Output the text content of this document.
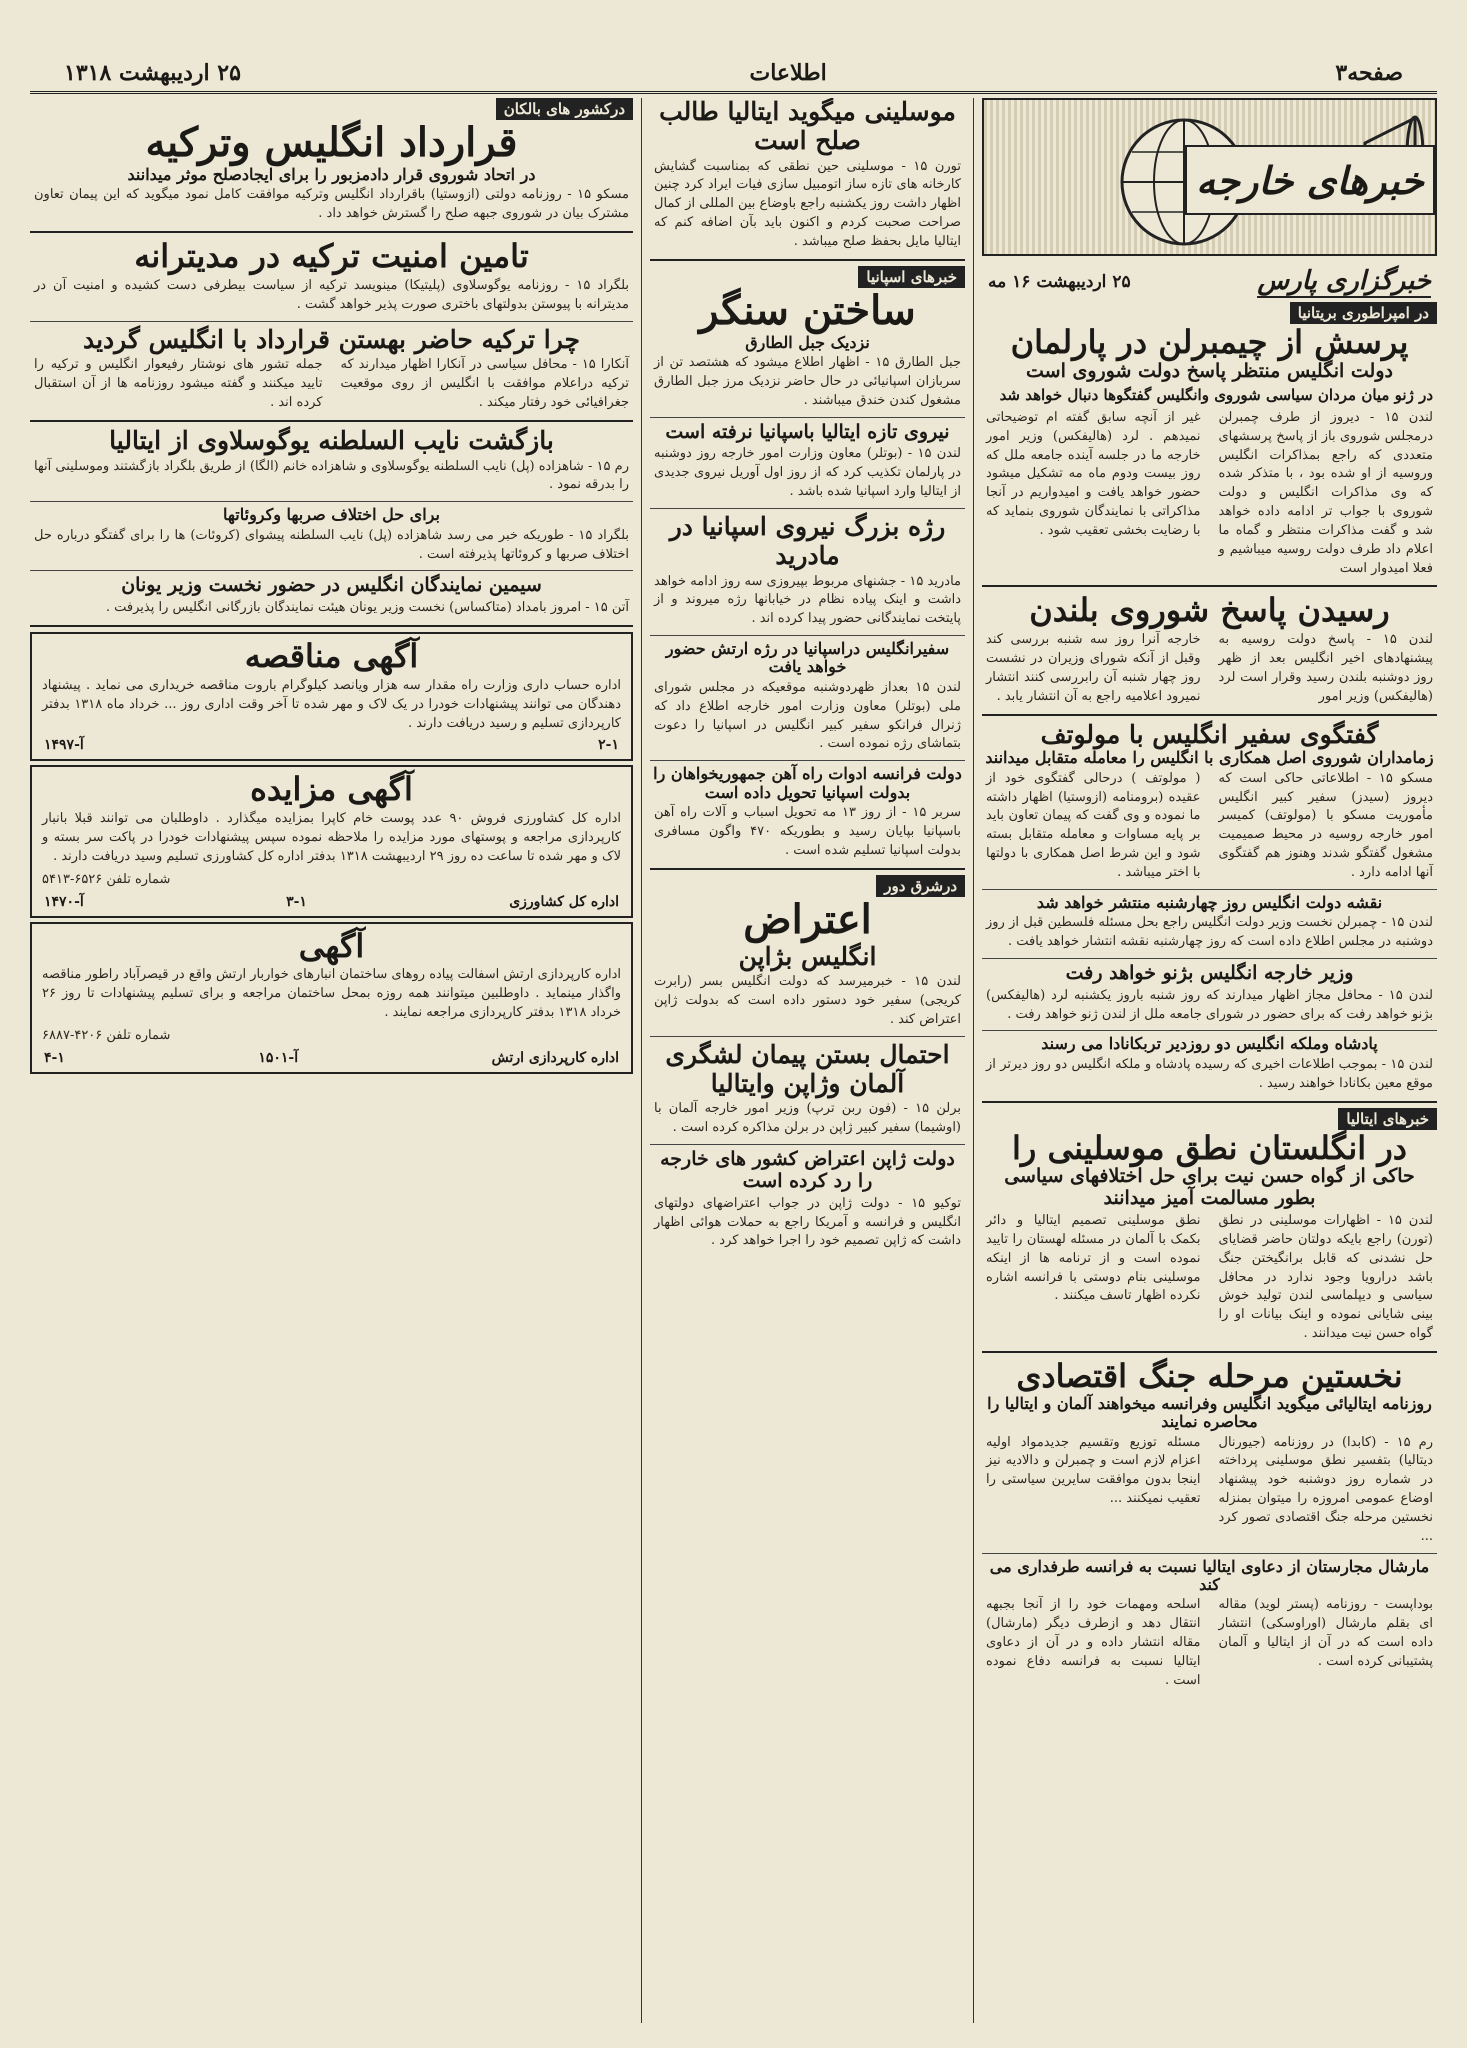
صفحه۳
اطلاعات
۲۵ اردیبهشت ۱۳۱۸
خبرهای خارجه
خبرگزاری پارس
۲۵ اردیبهشت ۱۶ مه
در امپراطوری بریتانیا
پرسش از چیمبرلن در پارلمان
دولت انگلیس منتظر پاسخ دولت شوروی است
در ژنو میان مردان سیاسی شوروی وانگلیس گفتگوها دنبال خواهد شد
لندن ۱۵ - دیروز از طرف چمبرلن درمجلس شوروی باز از پاسخ پرسشهای متعددی که راجع بمذاکرات انگلیس وروسیه از او شده بود ، با متذکر شده که وی مذاکرات انگلیس و دولت شوروی با جواب تر ادامه داده خواهد شد و گفت مذاکرات منتظر و گماه ما اعلام داد طرف دولت روسیه میباشیم و فعلا امیدوار است
غیر از آنچه سابق گفته ام توضیحاتی نمیدهم . لرد (هالیفکس) وزیر امور خارجه ما در جلسه آینده جامعه ملل که روز بیست ودوم ماه مه تشکیل میشود حضور خواهد یافت و امیدواریم در آنجا مذاکراتی با نمایندگان شوروی بنماید که با رضایت بخشی تعقیب شود .
رسیدن پاسخ شوروی بلندن
لندن ۱۵ - پاسخ دولت روسیه به پیشنهادهای اخیر انگلیس بعد از ظهر روز دوشنبه بلندن رسید وقرار است لرد (هالیفکس) وزیر امور
خارجه آنرا روز سه شنبه بررسی کند وقبل از آنکه شورای وزیران در نشست روز چهار شنبه آن رابررسی کنند انتشار نمیرود اعلامیه راجع به آن انتشار یابد .
گفتگوی سفیر انگلیس با مولوتف
زمامداران شوروی اصل همکاری با انگلیس را معامله متقابل میدانند
مسکو ۱۵ - اطلاعاتی حاکی است که دیروز (سیدز) سفیر کبیر انگلیس مأموریت مسکو با (مولوتف) کمیسر امور خارجه روسیه در محیط صمیمیت مشغول گفتگو شدند وهنوز هم گفتگوی آنها ادامه دارد .
( مولوتف ) درحالی گفتگوی خود از عقیده (برومنامه (ازوستیا) اظهار داشته ما نموده و وی گفت که پیمان تعاون باید بر پایه مساوات و معامله متقابل بسته شود و این شرط اصل همکاری با دولتها با اختر میباشد .
نقشه دولت انگلیس روز چهارشنبه منتشر خواهد شد
لندن ۱۵ - چمبرلن نخست وزیر دولت انگلیس راجع بحل مسئله فلسطین قبل از روز دوشنبه در مجلس اطلاع داده است که روز چهارشنبه نقشه انتشار خواهد یافت .
وزیر خارجه انگلیس بژنو خواهد رفت
لندن ۱۵ - محافل مجاز اظهار میدارند که روز شنبه باروز یکشنبه لرد (هالیفکس) بژنو خواهد رفت که برای حضور در شورای جامعه ملل از لندن ژنو خواهد رفت .
پادشاه وملکه انگلیس دو روزدیر تربکانادا می رسند
لندن ۱۵ - بموجب اطلاعات اخیری که رسیده پادشاه و ملکه انگلیس دو روز دیرتر از موقع معین بکانادا خواهند رسید .
خبرهای ایتالیا
در انگلستان نطق موسلینی را
حاکی از گواه حسن نیت برای حل اختلافهای سیاسی بطور مسالمت آمیز میدانند
لندن ۱۵ - اظهارات موسلینی در نطق (تورن) راجع بایکه دولتان حاضر قضایای حل نشدنی که قابل برانگیختن جنگ باشد درارویا وجود ندارد در محافل سیاسی و دیپلماسی لندن تولید خوش بینی شایانی نموده و اینک بیانات او را گواه حسن نیت میدانند .
نطق موسلینی تصمیم ایتالیا و دائر بکمک با آلمان در مسئله لهستان را تایید نموده است و از ترنامه ها از اینکه موسلینی بنام دوستی با فرانسه اشاره نکرده اظهار تاسف میکنند .
نخستین مرحله جنگ اقتصادی
روزنامه ایتالیائی میگوید انگلیس وفرانسه میخواهند آلمان و ایتالیا را محاصره نمایند
رم ۱۵ - (کابدا) در روزنامه (جیورنال دیتالیا) بتفسیر نطق موسلینی پرداخته در شماره روز دوشنبه خود پیشنهاد اوضاع عمومی امروزه را میتوان بمنزله نخستین مرحله جنگ اقتصادی تصور کرد ...
مسئله توزیع وتقسیم جدیدمواد اولیه اعزام لازم است و چمبرلن و دالادیه نیز اینجا بدون موافقت سایرین سیاستی را تعقیب نمیکنند ...
مارشال مجارستان از دعاوی ایتالیا نسبت به فرانسه طرفداری می کند
بوداپست - روزنامه (پستر لوید) مقاله ای بقلم مارشال (اوراوسکی) انتشار داده است که در آن از ایتالیا و آلمان پشتیبانی کرده است .
اسلحه ومهمات خود را از آنجا بجبهه انتقال دهد و ازطرف دیگر (مارشال) مقاله انتشار داده و در آن از دعاوی ایتالیا نسبت به فرانسه دفاع نموده است .
موسلینی میگوید ایتالیا طالب صلح است
تورن ۱۵ - موسلینی حین نطقی که بمناسبت گشایش کارخانه های تازه ساز اتومبیل سازی فیات ایراد کرد چنین اظهار داشت روز یکشنبه راجع باوضاع بین المللی از کمال صراحت صحبت کردم و اکنون باید بآن اضافه کنم که ایتالیا مایل بحفظ صلح میباشد .
خبرهای اسپانیا
ساختن سنگر
نزدیک جبل الطارق
جبل الطارق ۱۵ - اظهار اطلاع میشود که هشتصد تن از سربازان اسپانیائی در حال حاضر نزدیک مرز جبل الطارق مشغول کندن خندق میباشند .
نیروی تازه ایتالیا باسپانیا نرفته است
لندن ۱۵ - (بوتلر) معاون وزارت امور خارجه روز دوشنبه در پارلمان تکذیب کرد که از روز اول آوریل نیروی جدیدی از ایتالیا وارد اسپانیا شده باشد .
رژه بزرگ نیروی اسپانیا در مادرید
مادرید ۱۵ - جشنهای مربوط بپیروزی سه روز ادامه خواهد داشت و اینک پیاده نظام در خیابانها رژه میروند و از پایتخت نمایندگانی حضور پیدا کرده اند .
سفیرانگلیس دراسپانیا در رژه ارتش حضور خواهد یافت
لندن ۱۵ بعداز ظهردوشنبه موقعیکه در مجلس شورای ملی (بوتلر) معاون وزارت امور خارجه اطلاع داد که ژنرال فرانکو سفیر کبیر انگلیس در اسپانیا را دعوت بتماشای رژه نموده است .
دولت فرانسه ادوات راه آهن جمهوریخواهان را بدولت اسپانیا تحویل داده است
سربر ۱۵ - از روز ۱۳ مه تحویل اسباب و آلات راه آهن باسپانیا بپایان رسید و بطوریکه ۴۷۰ واگون مسافری بدولت اسپانیا تسلیم شده است .
درشرق دور
اعتراض
انگلیس بژاپن
لندن ۱۵ - خبرمیرسد که دولت انگلیس بسر (رابرت کریجی) سفیر خود دستور داده است که بدولت ژاپن اعتراض کند .
احتمال بستن پیمان لشگری آلمان وژاپن وایتالیا
برلن ۱۵ - (فون ربن ترپ) وزیر امور خارجه آلمان با (اوشیما) سفیر کبیر ژاپن در برلن مذاکره کرده است .
دولت ژاپن اعتراض کشور های خارجه را رد کرده است
توکیو ۱۵ - دولت ژاپن در جواب اعتراضهای دولتهای انگلیس و فرانسه و آمریکا راجع به حملات هوائی اظهار داشت که ژاپن تصمیم خود را اجرا خواهد کرد .
درکشور های بالکان
قرارداد انگلیس وترکیه
در اتحاد شوروی قرار دادمزبور را برای ایجادصلح موثر میدانند
مسکو ۱۵ - روزنامه دولتی (ازوستیا) باقرارداد انگلیس وترکیه موافقت کامل نمود میگوید که این پیمان تعاون مشترک بیان در شوروی جبهه صلح را گسترش خواهد داد .
تامین امنیت ترکیه در مدیترانه
بلگراد ۱۵ - روزنامه یوگوسلاوی (پلیتیکا) مینویسد ترکیه از سیاست بیطرفی دست کشیده و امنیت آن در مدیترانه با پیوستن بدولتهای باختری صورت پذیر خواهد گشت .
چرا ترکیه حاضر بهستن قرارداد با انگلیس گردید
آنکارا ۱۵ - محافل سیاسی در آنکارا اظهار میدارند که ترکیه دراعلام موافقت با انگلیس از روی موقعیت جغرافیائی خود رفتار میکند .
جمله تشور های نوشتار رفیعوار انگلیس و ترکیه را تایید میکنند و گفته میشود روزنامه ها از آن استقبال کرده اند .
بازگشت نایب السلطنه یوگوسلاوی از ایتالیا
رم ۱۵ - شاهزاده (پل) نایب السلطنه یوگوسلاوی و شاهزاده خانم (الگا) از طریق بلگراد بازگشتند وموسلینی آنها را بدرقه نمود .
برای حل اختلاف صربها وکروئاتها
بلگراد ۱۵ - طوریکه خبر می رسد شاهزاده (پل) نایب السلطنه پیشوای (کروئات) ها را برای گفتگو درباره حل اختلاف صربها و کروئاتها پذیرفته است .
سیمین نمایندگان انگلیس در حضور نخست وزیر یونان
آتن ۱۵ - امروز بامداد (متاکساس) نخست وزیر یونان هیئت نمایندگان بازرگانی انگلیس را پذیرفت .
آگهی مناقصه
اداره حساب داری وزارت راه مقدار سه هزار ویانصد کیلوگرام باروت مناقصه خریداری می نماید . پیشنهاد دهندگان می توانند پیشنهادات خودرا در یک لاک و مهر شده تا آخر وقت اداری روز ... خرداد ماه ۱۳۱۸ بدفتر کارپردازی تسلیم و رسید دریافت دارند .
۲-۱
آ-۱۴۹۷
آگهی مزایده
اداره کل کشاورزی فروش ۹۰ عدد پوست خام کاپرا بمزایده میگذارد . داوطلبان می توانند قبلا بانبار کارپردازی مراجعه و پوستهای مورد مزایده را ملاحظه نموده سپس پیشنهادات خودرا در پاکت سر بسته و لاک و مهر شده تا ساعت ده روز ۲۹ اردیبهشت ۱۳۱۸ بدفتر اداره کل کشاورزی تسلیم وسید دریافت دارند .
شماره تلفن ۶۵۲۶-۵۴۱۳
اداره کل کشاورزی
۳-۱
آ-۱۴۷۰
آگهی
اداره کارپردازی ارتش اسفالت پیاده روهای ساختمان انبارهای خواربار ارتش واقع در قیصرآباد راطور مناقصه واگذار مینماید . داوطلبین میتوانند همه روزه بمحل ساختمان مراجعه و برای تسلیم پیشنهادات تا روز ۲۶ خرداد ۱۳۱۸ بدفتر کارپردازی مراجعه نمایند .
شماره تلفن ۴۲۰۶-۶۸۸۷
اداره کارپردازی ارتش
آ-۱۵۰۱
۴-۱
